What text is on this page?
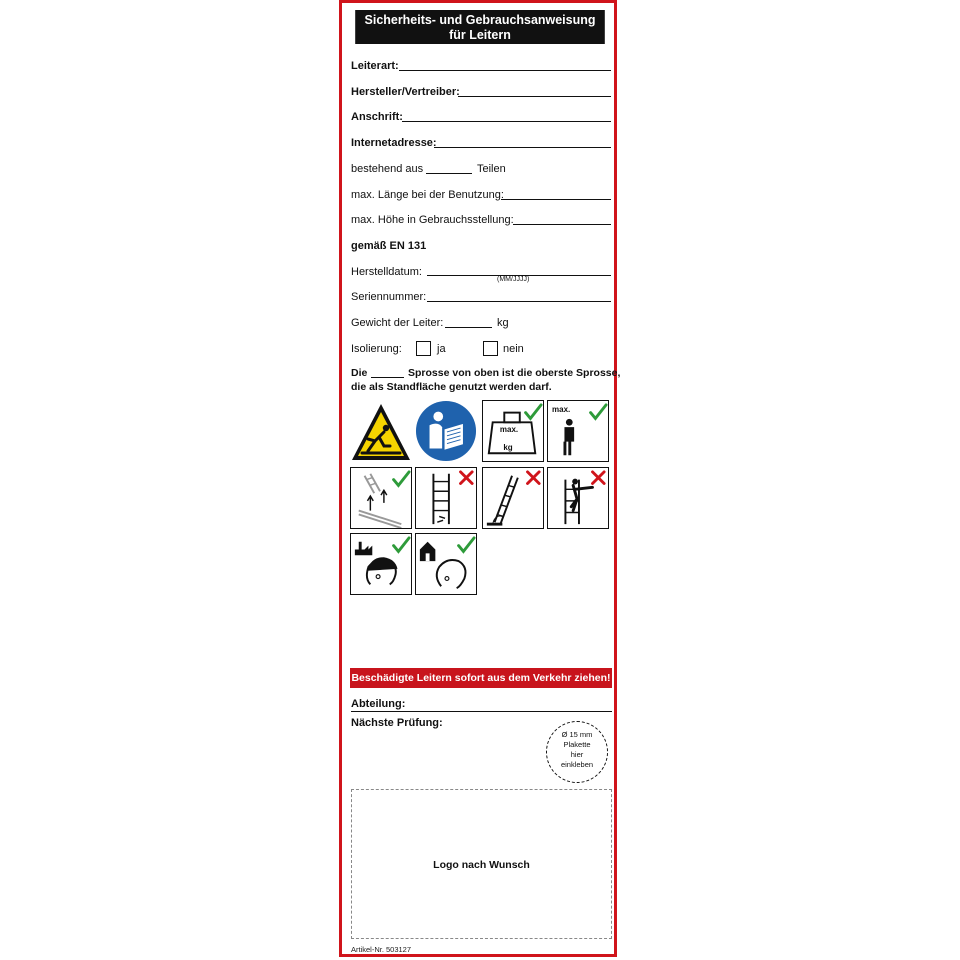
Sicherheits- und Gebrauchsanweisung
für Leitern
Leiterart:
Hersteller/Vertreiber:
Anschrift:
Internetadresse:
bestehend aus	Teilen
max. Länge bei der Benutzung:
max. Höhe in Gebrauchsstellung:
gemäß EN 131
Herstelldatum:
(MM/JJJJ)
Seriennummer:
Gewicht der Leiter:	kg
Isolierung:	ja	nein
Die	Sprosse von oben ist die oberste Sprosse,
die als Standfläche genutzt werden darf.
max.
kg
max.
Beschädigte Leitern sofort aus dem Verkehr ziehen!
Abteilung:
Nächste Prüfung:
Ø 15 mm
Plakette
hier
einkleben
Logo nach Wunsch
Artikel-Nr. 503127
